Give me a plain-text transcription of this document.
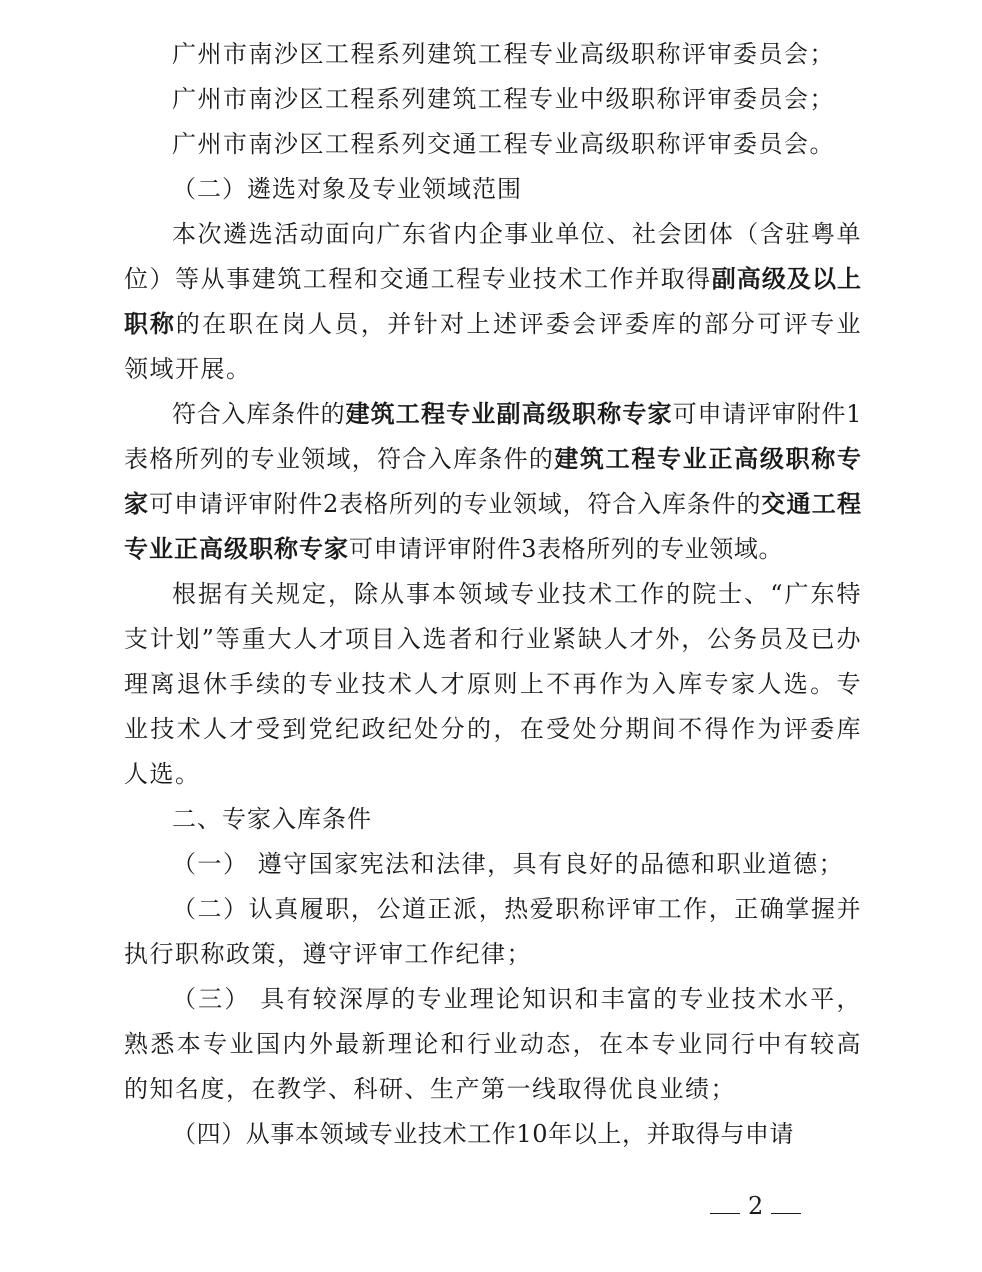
广州市南沙区工程系列建筑工程专业高级职称评审委员会；

广州市南沙区工程系列建筑工程专业中级职称评审委员会；

广州市南沙区工程系列交通工程专业高级职称评审委员会。

（二）遴选对象及专业领域范围

本次遴选活动面向广东省内企事业单位、社会团体（含驻粤单位）等从事建筑工程和交通工程专业技术工作并取得副高级及以上职称的在职在岗人员，并针对上述评委会评委库的部分可评专业领域开展。

符合入库条件的建筑工程专业副高级职称专家可申请评审附件1表格所列的专业领域，符合入库条件的建筑工程专业正高级职称专家可申请评审附件2表格所列的专业领域，符合入库条件的交通工程专业正高级职称专家可申请评审附件3表格所列的专业领域。

根据有关规定，除从事本领域专业技术工作的院士、“广东特支计划”等重大人才项目入选者和行业紧缺人才外，公务员及已办理离退休手续的专业技术人才原则上不再作为入库专家人选。专业技术人才受到党纪政纪处分的，在受处分期间不得作为评委库人选。

二、专家入库条件

（一） 遵守国家宪法和法律，具有良好的品德和职业道德；

（二）认真履职，公道正派，热爱职称评审工作，正确掌握并执行职称政策，遵守评审工作纪律；

（三） 具有较深厚的专业理论知识和丰富的专业技术水平，熟悉本专业国内外最新理论和行业动态，在本专业同行中有较高的知名度，在教学、科研、生产第一线取得优良业绩；

（四）从事本领域专业技术工作10年以上，并取得与申请

2
